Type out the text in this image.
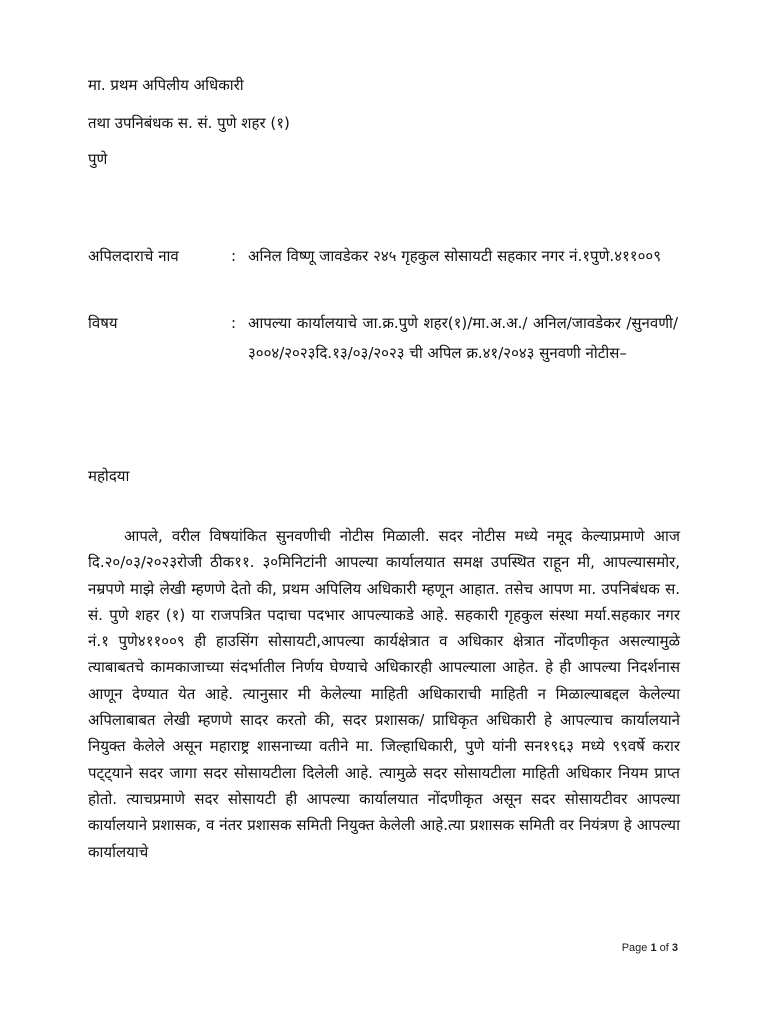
मा. प्रथम अपिलीय अधिकारी
तथा उपनिबंधक स. सं. पुणे शहर (१)
पुणे
अपिलदाराचे नाव	: अनिल विष्णू जावडेकर २४५ गृहकुल सोसायटी सहकार नगर नं.१पुणे.४११००९
विषय	: आपल्या कार्यालयाचे जा.क्र.पुणे शहर(१)/मा.अ.अ./ अनिल/जावडेकर /सुनवणी/३००४/२०२३दि.१३/०३/२०२३ ची अपिल क्र.४१/२०४३ सुनवणी नोटीस–
महोदया
आपले, वरील विषयांकित सुनवणीची नोटीस मिळाली. सदर नोटीस मध्ये नमूद केल्याप्रमाणे आज दि.२०/०३/२०२३रोजी ठीक११. ३०मिनिटांनी आपल्या कार्यालयात समक्ष उपस्थित राहून मी, आपल्यासमोर, नम्रपणे माझे लेखी म्हणणे देतो की, प्रथम अपिलिय अधिकारी म्हणून आहात. तसेच आपण मा. उपनिबंधक स. सं. पुणे शहर (१) या राजपत्रित पदाचा पदभार आपल्याकडे आहे. सहकारी गृहकुल संस्था मर्या.सहकार नगर नं.१ पुणे४११००९ ही हाउसिंग सोसायटी,आपल्या कार्यक्षेत्रात व अधिकार क्षेत्रात नोंदणीकृत असल्यामुळे त्याबाबतचे कामकाजाच्या संदर्भातील निर्णय घेण्याचे अधिकारही आपल्याला आहेत. हे ही आपल्या निदर्शनास आणून देण्यात येत आहे. त्यानुसार मी केलेल्या माहिती अधिकाराची माहिती न मिळाल्याबद्दल केलेल्या अपिलाबाबत लेखी म्हणणे सादर करतो की, सदर प्रशासक/ प्राधिकृत अधिकारी हे आपल्याच कार्यालयाने नियुक्त केलेले असून महाराष्ट्र शासनाच्या वतीने मा. जिल्हाधिकारी, पुणे यांनी सन१९६३ मध्ये ९९वर्षे करार पट्ट्याने सदर जागा सदर सोसायटीला दिलेली आहे. त्यामुळे सदर सोसायटीला माहिती अधिकार नियम प्राप्त होतो. त्याचप्रमाणे सदर सोसायटी ही आपल्या कार्यालयात नोंदणीकृत असून सदर सोसायटीवर आपल्या कार्यालयाने प्रशासक, व नंतर प्रशासक समिती नियुक्त केलेली आहे.त्या प्रशासक समिती वर नियंत्रण हे आपल्या कार्यालयाचे
Page 1 of 3
